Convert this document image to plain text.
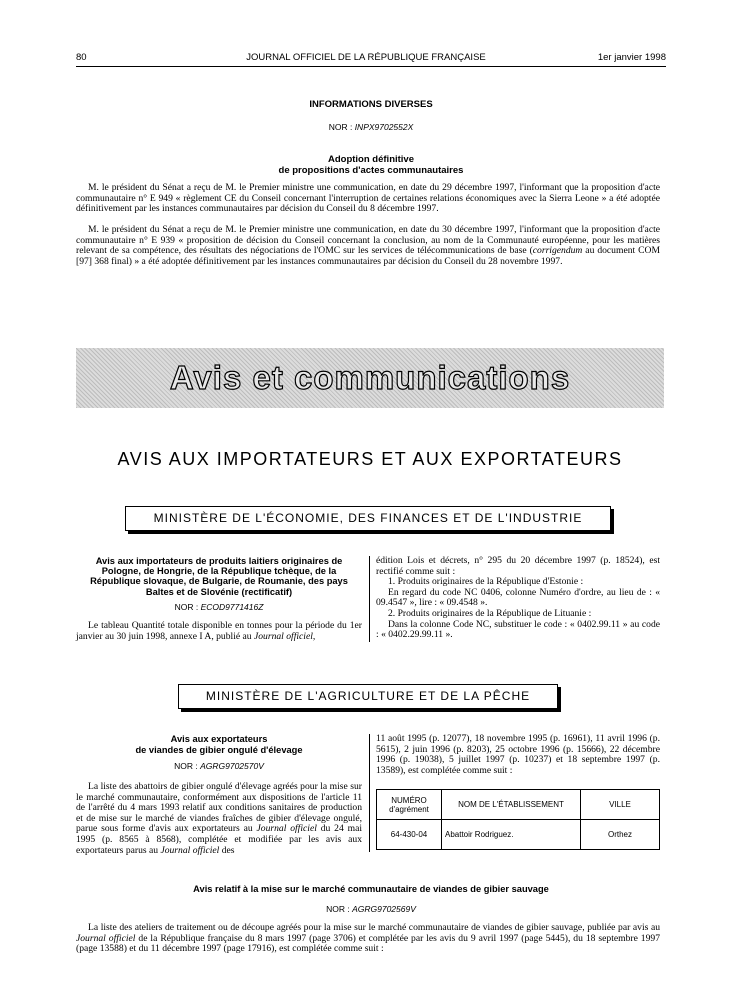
80	JOURNAL OFFICIEL DE LA RÉPUBLIQUE FRANÇAISE	1er janvier 1998
INFORMATIONS DIVERSES
NOR : INPX9702552X
Adoption définitive
de propositions d'actes communautaires

M. le président du Sénat a reçu de M. le Premier ministre une communication, en date du 29 décembre 1997, l'informant que la proposition d'acte communautaire n° E 949 « règlement CE du Conseil concernant l'interruption de certaines relations économiques avec la Sierra Leone » a été adoptée définitivement par les instances communautaires par décision du Conseil du 8 décembre 1997.

M. le président du Sénat a reçu de M. le Premier ministre une communication, en date du 30 décembre 1997, l'informant que la proposition d'acte communautaire n° E 939 « proposition de décision du Conseil concernant la conclusion, au nom de la Communauté européenne, pour les matières relevant de sa compétence, des résultats des négociations de l'OMC sur les services de télécommunications de base (corrigendum au document COM [97] 368 final) » a été adoptée définitivement par les instances communautaires par décision du Conseil du 28 novembre 1997.

Avis et communications
AVIS AUX IMPORTATEURS ET AUX EXPORTATEURS
MINISTÈRE DE L'ÉCONOMIE, DES FINANCES ET DE L'INDUSTRIE
Avis aux importateurs de produits laitiers originaires de Pologne, de Hongrie, de la République tchèque, de la République slovaque, de Bulgarie, de Roumanie, des pays Baltes et de Slovénie (rectificatif)
NOR : ECOD9771416Z

Le tableau Quantité totale disponible en tonnes pour la période du 1er janvier au 30 juin 1998, annexe I A, publié au Journal officiel,

édition Lois et décrets, n° 295 du 20 décembre 1997 (p. 18524), est rectifié comme suit :

1. Produits originaires de la République d'Estonie :

En regard du code NC 0406, colonne Numéro d'ordre, au lieu de : « 09.4547 », lire : « 09.4548 ».

2. Produits originaires de la République de Lituanie :

Dans la colonne Code NC, substituer le code : « 0402.99.11 » au code : « 0402.29.99.11 ».

MINISTÈRE DE L'AGRICULTURE ET DE LA PÊCHE
Avis aux exportateurs
de viandes de gibier ongulé d'élevage
NOR : AGRG9702570V

La liste des abattoirs de gibier ongulé d'élevage agréés pour la mise sur le marché communautaire, conformément aux dispositions de l'article 11 de l'arrêté du 4 mars 1993 relatif aux conditions sanitaires de production et de mise sur le marché de viandes fraîches de gibier d'élevage ongulé, parue sous forme d'avis aux exportateurs au Journal officiel du 24 mai 1995 (p. 8565 à 8568), complétée et modifiée par les avis aux exportateurs parus au Journal officiel des

11 août 1995 (p. 12077), 18 novembre 1995 (p. 16961), 11 avril 1996 (p. 5615), 2 juin 1996 (p. 8203), 25 octobre 1996 (p. 15666), 22 décembre 1996 (p. 19038), 5 juillet 1997 (p. 10237) et 18 septembre 1997 (p. 13589), est complétée comme suit :

NUMÉRO
d'agrément	NOM DE L'ÉTABLISSEMENT	VILLE
64-430-04	Abattoir Rodriguez.	Orthez
Avis relatif à la mise sur le marché communautaire de viandes de gibier sauvage
NOR : AGRG9702569V

La liste des ateliers de traitement ou de découpe agréés pour la mise sur le marché communautaire de viandes de gibier sauvage, publiée par avis au Journal officiel de la République française du 8 mars 1997 (page 3706) et complétée par les avis du 9 avril 1997 (page 5445), du 18 septembre 1997 (page 13588) et du 11 décembre 1997 (page 17916), est complétée comme suit :
